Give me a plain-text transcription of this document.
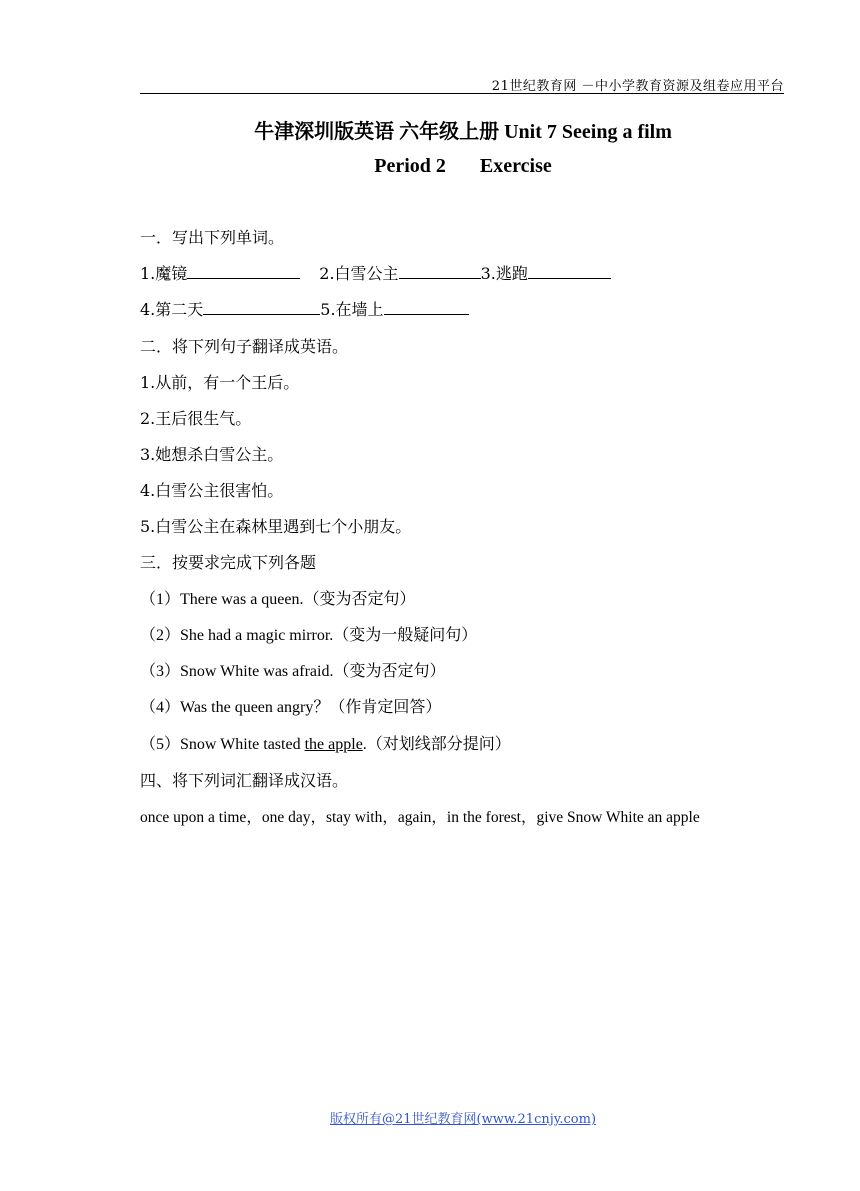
21世纪教育网 －中小学教育资源及组卷应用平台
牛津深圳版英语 六年级上册 Unit 7 Seeing a film
Period 2 Exercise
一．写出下列单词。
1.魔镜	2.白雪公主	3.逃跑
4.第二天	5.在墙上
二．将下列句子翻译成英语。
1.从前，有一个王后。
2.王后很生气。
3.她想杀白雪公主。
4.白雪公主很害怕。
5.白雪公主在森林里遇到七个小朋友。
三．按要求完成下列各题
（1）There was a queen.（变为否定句）
（2）She had a magic mirror.（变为一般疑问句）
（3）Snow White was afraid.（变为否定句）
（4）Was the queen angry？（作肯定回答）
（5）Snow White tasted the apple.（对划线部分提问）
四、将下列词汇翻译成汉语。
once upon a time，one day，stay with，again，in the forest，give Snow White an apple
版权所有@21世纪教育网(www.21cnjy.com)
